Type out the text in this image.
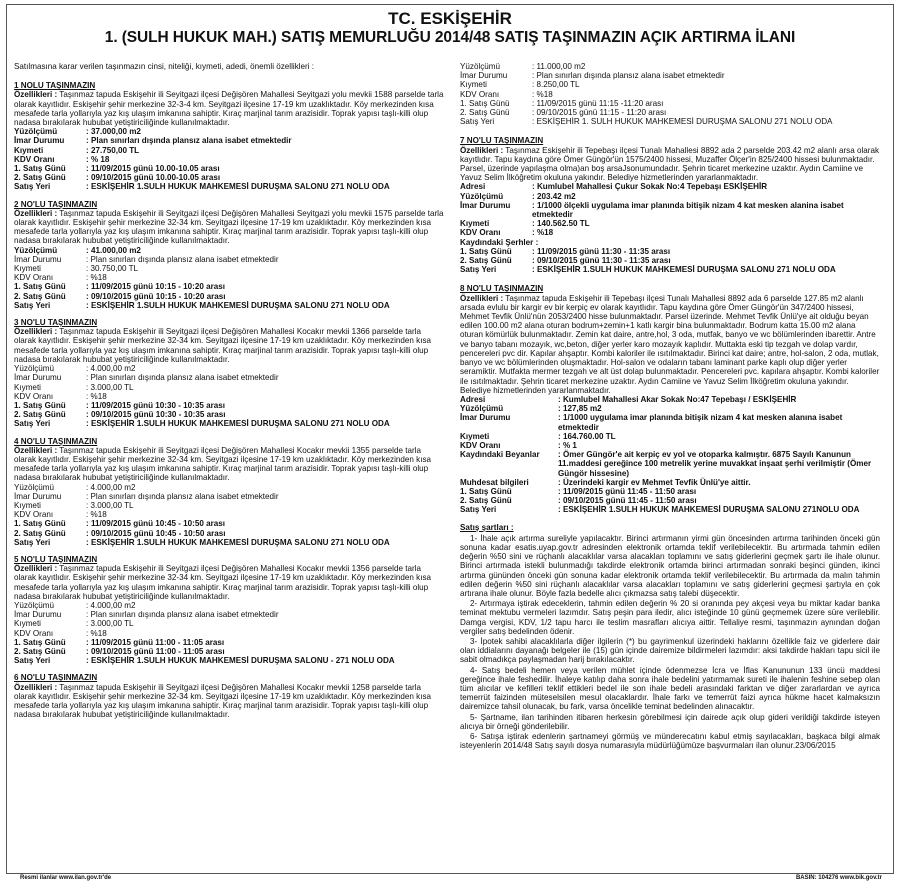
TC. ESKİŞEHİR
1. (SULH HUKUK MAH.) SATIŞ MEMURLUĞU 2014/48 SATIŞ TAŞINMAZIN AÇIK ARTIRMA İLANI
Satılmasına karar verilen taşınmazın cinsi, niteliği, kıymeti, adedi, önemli özellikleri :
1 NOLU TAŞINMAZIN
Özellikleri : Taşınmaz tapuda Eskişehir ili Seyitgazi ilçesi Değişören Mahallesi Seyitgazi yolu mevkii 1588 parselde tarla olarak kayıtlıdır. Eskişehir şehir merkezine 32-3-4 km. Seyitgazi ilçesine 17-19 km uzaklıktadır. Köy merkezinden kısa mesafede tarla yollarıyla yaz kış ulaşım imkanına sahiptir. Kıraç marjinal tarım arazisidir. Toprak yapısı taşlı-killi olup nadasa bırakılarak hububat yetiştiriciliğinde kullanılmaktadır.
Yüzölçümü	: 37.000,00 m2
İmar Durumu	: Plan sınırları dışında plansız alana isabet etmektedir
Kıymeti	: 27.750,00 TL
KDV Oranı	: % 18
1. Satış Günü	: 11/09/2015 günü 10.00-10.05 arası
2. Satış Günü	: 09/10/2015 günü 10.00-10.05 arası
Satış Yeri	: ESKİŞEHİR 1.SULH HUKUK MAHKEMESİ DURUŞMA SALONU 271 NOLU ODA
2 NO'LU TAŞINMAZIN
Özellikleri : Taşınmaz tapuda Eskişehir ili Seyitgazi ilçesi Değişören Mahallesi Seyitgazi yolu mevkii 1575 parselde tarla olarak kayıtlıdır. Eskişehir şehir merkezine 32-34 km. Seyitgazi ilçesine 17-19 km uzaklıktadır. Köy merkezinden kısa mesafede tarla yollarıyla yaz kış ulaşım imkanına sahiptir. Kıraç marjinal tarım arazisidir. Toprak yapısı taşlı-killi olup nadasa bırakılarak hububat yetiştiriciliğinde kullanılmaktadır.
Yüzölçümü	: 41.000,00 m2
İmar Durumu	: Plan sınırları dışında plansız alana isabet etmektedir
Kıymeti	: 30.750,00 TL
KDV Oranı	: %18
1. Satış Günü	: 11/09/2015 günü 10:15 - 10:20 arası
2. Satış Günü	: 09/10/2015 günü 10:15 - 10:20 arası
Satış Yeri	: ESKİŞEHİR 1.SULH HUKUK MAHKEMESİ DURUŞMA SALONU 271 NOLU ODA
3 NO'LU TAŞINMAZIN
Özellikleri : Taşınmaz tapuda Eskişehir ili Seyitgazi ilçesi Değişören Mahallesi Kocakır mevkii 1366 parselde tarla olarak kayıtlıdır. Eskişehir şehir merkezine 32-34 km. Seyitgazi ilçesine 17-19 km uzaklıktadır. Köy merkezinden kısa mesafede tarla yollarıyla yaz kış ulaşım imkanına sahiptir. Kıraç marjinal tarım arazisidir. Toprak yapısı taşlı-killi olup nadasa bırakılarak hububat yetiştiriciliğinde kullanılmaktadır.
Yüzölçümü	: 4.000,00 m2
İmar Durumu	: Plan sınırları dışında plansız alana isabet etmektedir
Kıymeti	: 3.000,00 TL
KDV Oranı	: %18
1. Satış Günü	: 11/09/2015 günü 10:30 - 10:35 arası
2. Satış Günü	: 09/10/2015 günü 10:30 - 10:35 arası
Satış Yeri	: ESKİŞEHİR 1.SULH HUKUK MAHKEMESİ DURUŞMA SALONU 271 NOLU ODA
4 NO'LU TAŞINMAZIN
Özellikleri : Taşınmaz tapuda Eskişehir ili Seyitgazi ilçesi Değişören Mahallesi Kocakır mevkii 1355 parselde tarla olarak kayıtlıdır. Eskişehir şehir merkezine 32-34 km. Seyitgazi ilçesine 17-19 km uzaklıktadır. Köy merkezinden kısa mesafede tarla yollarıyla yaz kış ulaşım imkanına sahiptir. Kıraç marjinal tarım arazisidir. Toprak yapısı taşlı-killi olup nadasa bırakılarak hububat yetiştiriciliğinde kullanılmaktadır.
Yüzölçümü	: 4.000,00 m2
İmar Durumu	: Plan sınırları dışında plansız alana isabet etmektedir
Kıymeti	: 3.000,00 TL
KDV Oranı	: %18
1. Satış Günü	: 11/09/2015 günü 10:45 - 10:50 arası
2. Satış Günü	: 09/10/2015 günü 10:45 - 10:50 arası
Satış Yeri	: ESKİŞEHİR 1.SULH HUKUK MAHKEMESİ DURUŞMA SALONU 271 NOLU ODA
5 NO'LU TAŞINMAZIN
Özellikleri : Taşınmaz tapuda Eskişehir ili Seyitgazi ilçesi Değişören Mahallesi Kocakır mevkii 1356 parselde tarla olarak kayıtlıdır. Eskişehir şehir merkezine 32-34 km. Seyitgazi ilçesine 17-19 km uzaklıktadır. Köy merkezinden kısa mesafede tarla yollarıyla yaz kış ulaşım imkanına sahiptir. Kıraç marjinal tarım arazisidir. Toprak yapısı taşlı-killi olup nadasa bırakılarak hububat yetiştiriciliğinde kullanılmaktadır.
Yüzölçümü	: 4.000,00 m2
İmar Durumu	: Plan sınırları dışında plansız alana isabet etmektedir
Kıymeti	: 3.000,00 TL
KDV Oranı	: %18
1. Satış Günü	: 11/09/2015 günü 11:00 - 11:05 arası
2. Satış Günü	: 09/10/2015 günü 11:00 - 11:05 arası
Satış Yeri	: ESKİŞEHİR 1.SULH HUKUK MAHKEMESİ DURUŞMA SALONU - 271 NOLU ODA
6 NO'LU TAŞINMAZIN
Özellikleri : Taşınmaz tapuda Eskişehir ili Seyitgazi ilçesi Değişören Mahallesi Kocakır mevkii 1258 parselde tarla olarak kayıtlıdır. Eskişehir şehir merkezine 32-34 km. Seyitgazi ilçesine 17-19 km uzaklıktadır. Köy merkezinden kısa mesafede tarla yollarıyla yaz kış ulaşım imkanına sahiptir. Kıraç marjinal tarım arazisidir. Toprak yapısı taşlı-killi olup nadasa bırakılarak hububat yetiştiriciliğinde kullanılmaktadır.
Yüzölçümü	: 11.000,00 m2
İmar Durumu	: Plan sınırları dışında plansız alana isabet etmektedir
Kıymeti	: 8.250,00 TL
KDV Oranı	: %18
1. Satış Günü	: 11/09/2015 günü 11:15 -11:20 arası
2. Satış Günü	: 09/10/2015 günü 11:15 - 11:20 arası
Satış Yeri	: ESKİŞEHİR 1. SULH HUKUK MAHKEMESİ DURUŞMA SALONU 271 NOLU ODA
7 NO'LU TAŞINMAZIN
Özellikleri : Taşınmaz Eskişehir ili Tepebaşı ilçesi Tunalı Mahallesi 8892 ada 2 parselde 203.42 m2 alanlı arsa olarak kayıtlıdır. Tapu kaydına göre Ömer Güngör'ün 1575/2400 hissesi, Muzaffer Ölçer'in 825/2400 hissesi bulunmaktadır. Parsel, üzerinde yapılaşma olma)an boş arsaJsonumundadır. Şehrin ticaret merkezine uzaktır. Aydın Camiine ve Yavuz Selim İlköğretim okuluna yakındır. Belediye hizmetlerinden yararlanmaktadır.
Adresi	: Kumlubel Mahallesi Çukur Sokak No:4 Tepebaşı ESKİŞEHİR
Yüzölçümü	: 203.42 m2
İmar Durumu	: 1/1000 ölçekli uygulama imar planında bitişik nizam 4 kat mesken alanina isabet etmektedir
Kıymeti	: 140.562.50 TL
KDV Oranı	: %18
Kaydındaki Şerhler :
1. Satış Günü	: 11/09/2015 günü 11:30 - 11:35 arası
2. Satış Günü	: 09/10/2015 günü 11:30 - 11:35 arası
Satış Yeri	: ESKİŞEHİR 1.SULH HUKUK MAHKEMESİ DURUŞMA SALONU 271 NOLU ODA
8 NO'LU TAŞINMAZIN
Özellikleri : Taşınmaz tapuda Eskişehir ili Tepebaşı ilçesi Tunalı Mahallesi 8892 ada 6 parselde 127.85 m2 alanlı arsada evlulu bir kargir ev bir kerpiç ev olarak kayıtlıdır. Tapu kaydına göre Ömer Güngör'ün 347/2400 hissesi, Mehmet Tevfik Ünlü'nün 2053/2400 hisse bulunmaktadır. Parsel üzerinde. Mehmet Tevfik Ünlü'ye ait olduğu beyan edilen 100.00 m2 alana oturan bodrum+zemin+1 katlı kargir bina bulunmaktadır. Bodrum katta 15.00 m2 alana oturan kömürlük bulunmaktadır. Zemin kat daire, antre,hol, 3 oda, mutfak, banyo ve wc bölümlerinden ibarettir. Antre ve banyo tabanı mozayık, wc,beton, diğer yerler karo mozayık kaplıdır. Muttakta eski tip tezgah ve dolap vardır, pencereleri pvc dir. Kapılar ahşaptır. Kombi kaloriler ile ısıtılmaktadır. Birinci kat daire; antre, hol-salon, 2 oda, mutlak, banyo ve wc bölümlerinden oluşmaktadır. Hol-salon ve odaların tabanı laminant parke kaplı olup diğer yerler seramiktir. Mutfakta mermer tezgah ve alt üst dolap bulunmaktadır. Pencereleri pvc. kapılara ahşaptır. Kombi kaloriler ile ısıtılmaktadır. Şehrin ticaret merkezine uzaktır. Aydın Camiine ve Yavuz Selim İlköğretim okuluna yakındır. Belediye hizmetlerinden yararlanmaktadır.
Adresi	: Kumlubel Mahallesi Akar Sokak No:47 Tepebaşı / ESKİŞEHİR
Yüzölçümü	: 127,85 m2
İmar Durumu	: 1/1000 uygulama imar planında bitişik nizam 4 kat mesken alanına isabet etmektedir
Kıymeti	: 164.760.00 TL
KDV Oranı	: % 1
Kaydındaki Beyanlar	: Ömer Güngör'e ait kerpiç ev yol ve otoparka kalmıştır. 6875 Sayılı Kanunun 11.maddesi gereğince 100 metrelik yerine muvakkat inşaat şerhi verilmiştir (Ömer Güngör hissesine)
Muhdesat bilgileri	: Üzerindeki kargir ev Mehmet Tevfik Ünlü'ye aittir.
1. Satış Günü	: 11/09/2015 günü 11:45 - 11:50 arası
2. Satış Günü	: 09/10/2015 günü 11:45 - 11:50 arası
Satış Yeri	: ESKİŞEHİR 1.SULH HUKUK MAHKEMESİ DURUŞMA SALONU 271NOLU ODA
Satış şartları :

1- İhale açık artırma sureliyle yapılacaktır. Birinci artırmanın yirmi gün öncesinden artırma tarihinden önceki gün sonuna kadar esatis.uyap.gov.tr adresinden elektronik ortamda teklif verilebilecektir. Bu artırmada tahmin edilen değerin %50 sini ve rüçhanlı alacaklılar varsa alacakları toplamını ve satış giderlerini geçmek şartı ile ihale olunur. Birinci artırmada istekli bulunmadığı takdirde elektronik ortamda birinci artırmadan sonraki beşinci günden, ikinci artırma gününden önceki gün sonuna kadar elektronik ortamda teklif verilebilecektir. Bu artırmada da malın tahmin edilen değerin %50 sini rüçhanlı alacaklılar varsa alacakları toplamını ve satış giderlerini geçmesi şartıyla en çok artırana ihale olunur. Böyle fazla bedelle alıcı çıkmazsa satış talebi düşecektir.

2- Artırmaya iştirak edeceklerin, tahmin edilen değerin % 20 si oranında pey akçesi veya bu miktar kadar banka teminat mektubu vermeleri lazımdır. Satış peşin para iledir, alıcı isteğinde 10 günü geçmemek üzere süre verilebilir. Damga vergisi, KDV, 1/2 tapu harcı ile teslim masrafları alıcıya aittir. Tellaliye resmi, taşınmazın aynından doğan vergiler satış bedelinden ödenir.

3- İpotek sahibi alacaklılarla diğer ilgilerin (*) bu gayrimenkul üzerindeki haklarını özellikle faiz ve giderlere dair olan iddialarını dayanağı belgeler ile (15) gün içinde dairemize bildirmeleri lazımdır: aksi takdirde hakları tapu sicil ile sabit olmadıkça paylaşmadan harij bırakılacaktır.

4- Satış bedeli hemen veya verilen mühlet içinde ödenmezse İcra ve İflas Kanununun 133 üncü maddesi gereğince ihale feshedilir. İhaleye katılıp daha sonra ihale bedelini yatırmamak sureti ile ihalenin feshine sebep olan tüm alıcılar ve kefilleri teklif ettikleri bedel ile son ihale bedeli arasındaki farktan ve diğer zararlardan ve ayrıca temerrüt faizinden müteselsilen mesul olacaklardır. İhale farkı ve temerrüt faizi ayrıca hükme hacet kalmaksızın dairemizce tahsil olunacak, bu fark, varsa öncelikle teminat bedelinden alınacaktır.

5- Şartname, ilan tarihinden itibaren herkesin görebilmesi için dairede açık olup gideri verildiği takdirde isteyen alıcıya bir örneği gönderilebilir.

6- Satışa iştirak edenlerin şartnameyi görmüş ve münderecatını kabul etmiş sayılacakları, başkaca bilgi almak isteyenlerin 2014/48 Satış sayılı dosya numarasıyla müdürlüğümüze başvurmaları ilan olunur.23/06/2015

Resmi ilanlar www.ilan.gov.tr'de	BASIN: 104276 www.bik.gov.tr
